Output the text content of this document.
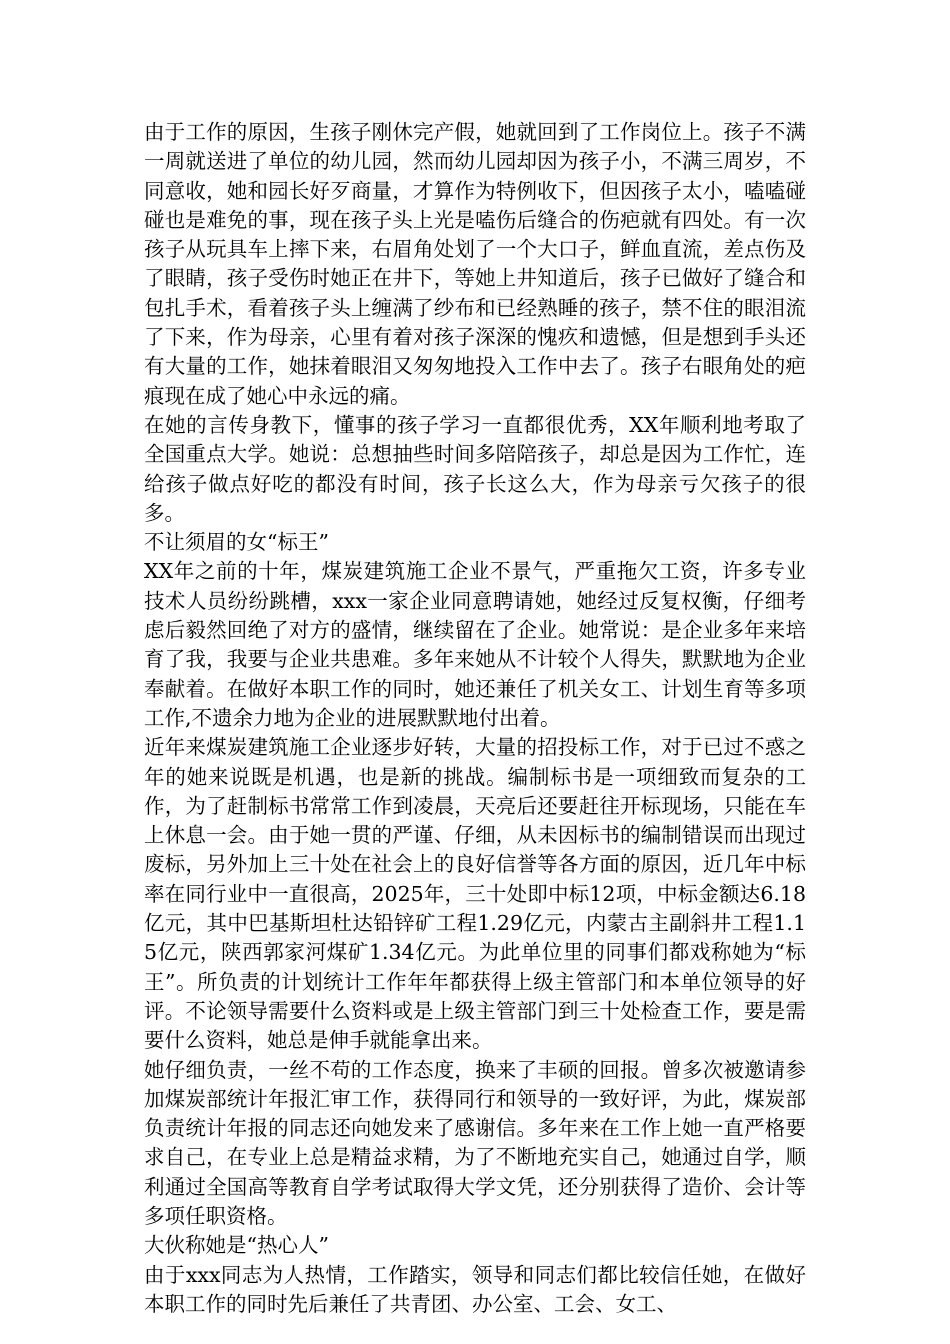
由于工作的原因，生孩子刚休完产假，她就回到了工作岗位上。孩子不满一周就送进了单位的幼儿园，然而幼儿园却因为孩子小，不满三周岁，不同意收，她和园长好歹商量，才算作为特例收下，但因孩子太小，嗑嗑碰碰也是难免的事，现在孩子头上光是嗑伤后缝合的伤疤就有四处。有一次孩子从玩具车上摔下来，右眉角处划了一个大口子，鲜血直流，差点伤及了眼睛，孩子受伤时她正在井下，等她上井知道后，孩子已做好了缝合和包扎手术，看着孩子头上缠满了纱布和已经熟睡的孩子，禁不住的眼泪流了下来，作为母亲，心里有着对孩子深深的愧疚和遗憾，但是想到手头还有大量的工作，她抹着眼泪又匆匆地投入工作中去了。孩子右眼角处的疤痕现在成了她心中永远的痛。

在她的言传身教下，懂事的孩子学习一直都很优秀，XX年顺利地考取了全国重点大学。她说：总想抽些时间多陪陪孩子，却总是因为工作忙，连给孩子做点好吃的都没有时间，孩子长这么大，作为母亲亏欠孩子的很多。

不让须眉的女“标王”

XX年之前的十年，煤炭建筑施工企业不景气，严重拖欠工资，许多专业技术人员纷纷跳槽，xxx一家企业同意聘请她，她经过反复权衡，仔细考虑后毅然回绝了对方的盛情，继续留在了企业。她常说：是企业多年来培育了我，我要与企业共患难。多年来她从不计较个人得失，默默地为企业奉献着。在做好本职工作的同时，她还兼任了机关女工、计划生育等多项工作,不遗余力地为企业的进展默默地付出着。

近年来煤炭建筑施工企业逐步好转，大量的招投标工作，对于已过不惑之年的她来说既是机遇，也是新的挑战。编制标书是一项细致而复杂的工作，为了赶制标书常常工作到凌晨，天亮后还要赶往开标现场，只能在车上休息一会。由于她一贯的严谨、仔细，从未因标书的编制错误而出现过废标，另外加上三十处在社会上的良好信誉等各方面的原因，近几年中标率在同行业中一直很高，2025年，三十处即中标12项，中标金额达6.18亿元，其中巴基斯坦杜达铅锌矿工程1.29亿元，内蒙古主副斜井工程1.15亿元，陕西郭家河煤矿1.34亿元。为此单位里的同事们都戏称她为“标王”。所负责的计划统计工作年年都获得上级主管部门和本单位领导的好评。不论领导需要什么资料或是上级主管部门到三十处检查工作，要是需要什么资料，她总是伸手就能拿出来。

她仔细负责，一丝不苟的工作态度，换来了丰硕的回报。曾多次被邀请参加煤炭部统计年报汇审工作，获得同行和领导的一致好评，为此，煤炭部负责统计年报的同志还向她发来了感谢信。多年来在工作上她一直严格要求自己，在专业上总是精益求精，为了不断地充实自己，她通过自学，顺利通过全国高等教育自学考试取得大学文凭，还分别获得了造价、会计等多项任职资格。

大伙称她是“热心人”

由于xxx同志为人热情，工作踏实，领导和同志们都比较信任她，在做好本职工作的同时先后兼任了共青团、办公室、工会、女工、
